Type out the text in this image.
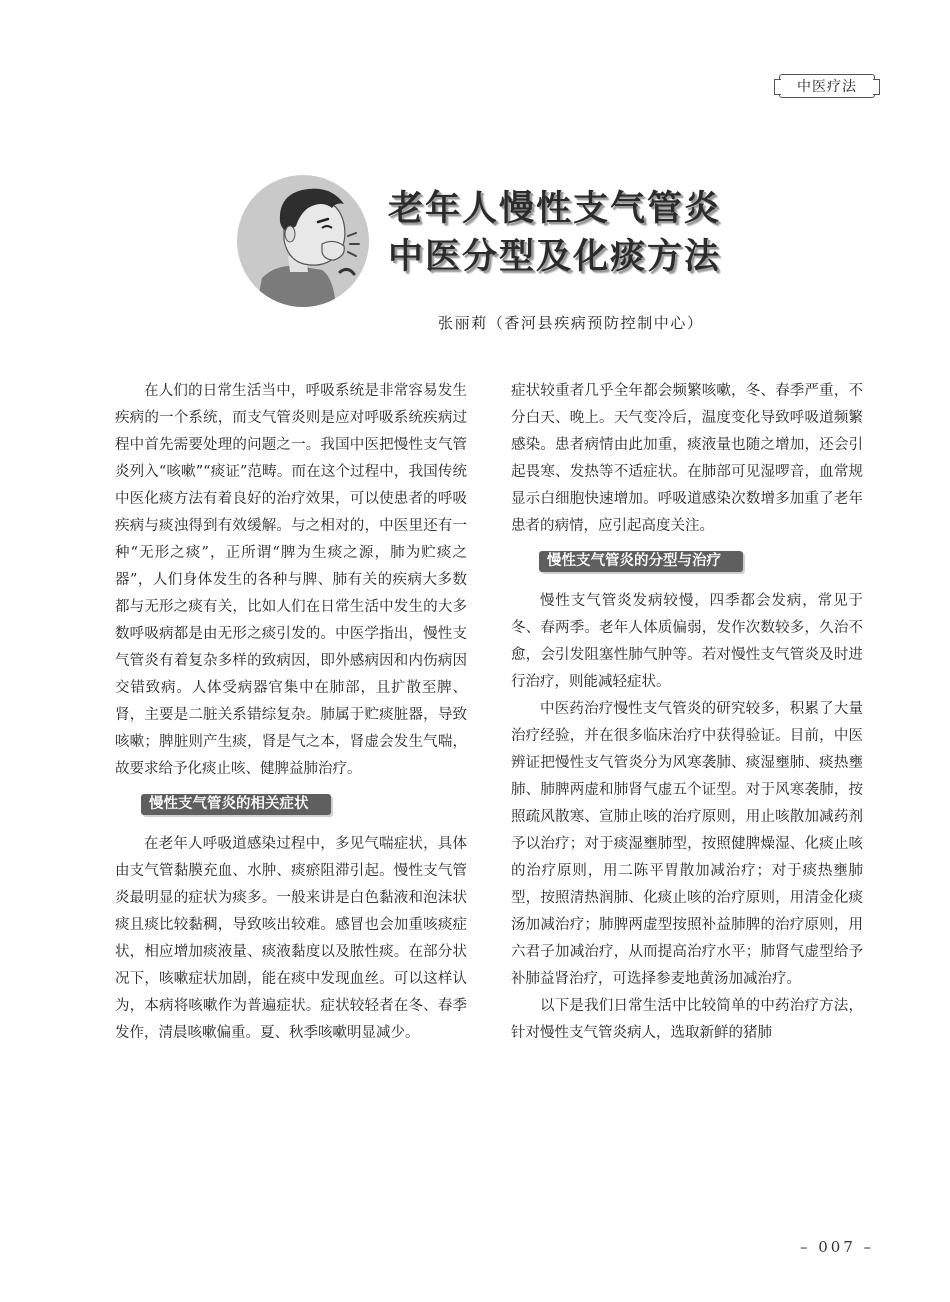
中医疗法
老年人慢性支气管炎
中医分型及化痰方法
张丽莉（香河县疾病预防控制中心）

在人们的日常生活当中，呼吸系统是非常容易发生疾病的一个系统，而支气管炎则是应对呼吸系统疾病过程中首先需要处理的问题之一。我国中医把慢性支气管炎列入“咳嗽”“痰证”范畴。而在这个过程中，我国传统中医化痰方法有着良好的治疗效果，可以使患者的呼吸疾病与痰浊得到有效缓解。与之相对的，中医里还有一种“无形之痰”，正所谓“脾为生痰之源，肺为贮痰之器”，人们身体发生的各种与脾、肺有关的疾病大多数都与无形之痰有关，比如人们在日常生活中发生的大多数呼吸病都是由无形之痰引发的。中医学指出，慢性支气管炎有着复杂多样的致病因，即外感病因和内伤病因交错致病。人体受病器官集中在肺部，且扩散至脾、肾，主要是二脏关系错综复杂。肺属于贮痰脏器，导致咳嗽；脾脏则产生痰，肾是气之本，肾虚会发生气喘，故要求给予化痰止咳、健脾益肺治疗。

慢性支气管炎的相关症状

在老年人呼吸道感染过程中，多见气喘症状，具体由支气管黏膜充血、水肿、痰瘀阻滞引起。慢性支气管炎最明显的症状为痰多。一般来讲是白色黏液和泡沫状痰且痰比较黏稠，导致咳出较难。感冒也会加重咳痰症状，相应增加痰液量、痰液黏度以及脓性痰。在部分状况下，咳嗽症状加剧，能在痰中发现血丝。可以这样认为，本病将咳嗽作为普遍症状。症状较轻者在冬、春季发作，清晨咳嗽偏重。夏、秋季咳嗽明显减少。

症状较重者几乎全年都会频繁咳嗽，冬、春季严重，不分白天、晚上。天气变冷后，温度变化导致呼吸道频繁感染。患者病情由此加重，痰液量也随之增加，还会引起畏寒、发热等不适症状。在肺部可见湿啰音，血常规显示白细胞快速增加。呼吸道感染次数增多加重了老年患者的病情，应引起高度关注。

慢性支气管炎的分型与治疗

慢性支气管炎发病较慢，四季都会发病，常见于冬、春两季。老年人体质偏弱，发作次数较多，久治不愈，会引发阻塞性肺气肿等。若对慢性支气管炎及时进行治疗，则能减轻症状。

中医药治疗慢性支气管炎的研究较多，积累了大量治疗经验，并在很多临床治疗中获得验证。目前，中医辨证把慢性支气管炎分为风寒袭肺、痰湿壅肺、痰热壅肺、肺脾两虚和肺肾气虚五个证型。对于风寒袭肺，按照疏风散寒、宣肺止咳的治疗原则，用止咳散加减药剂予以治疗；对于痰湿壅肺型，按照健脾燥湿、化痰止咳的治疗原则，用二陈平胃散加减治疗；对于痰热壅肺型，按照清热润肺、化痰止咳的治疗原则，用清金化痰汤加减治疗；肺脾两虚型按照补益肺脾的治疗原则，用六君子加减治疗，从而提高治疗水平；肺肾气虚型给予补肺益肾治疗，可选择参麦地黄汤加减治疗。

以下是我们日常生活中比较简单的中药治疗方法，针对慢性支气管炎病人，选取新鲜的猪肺

– 007 –
